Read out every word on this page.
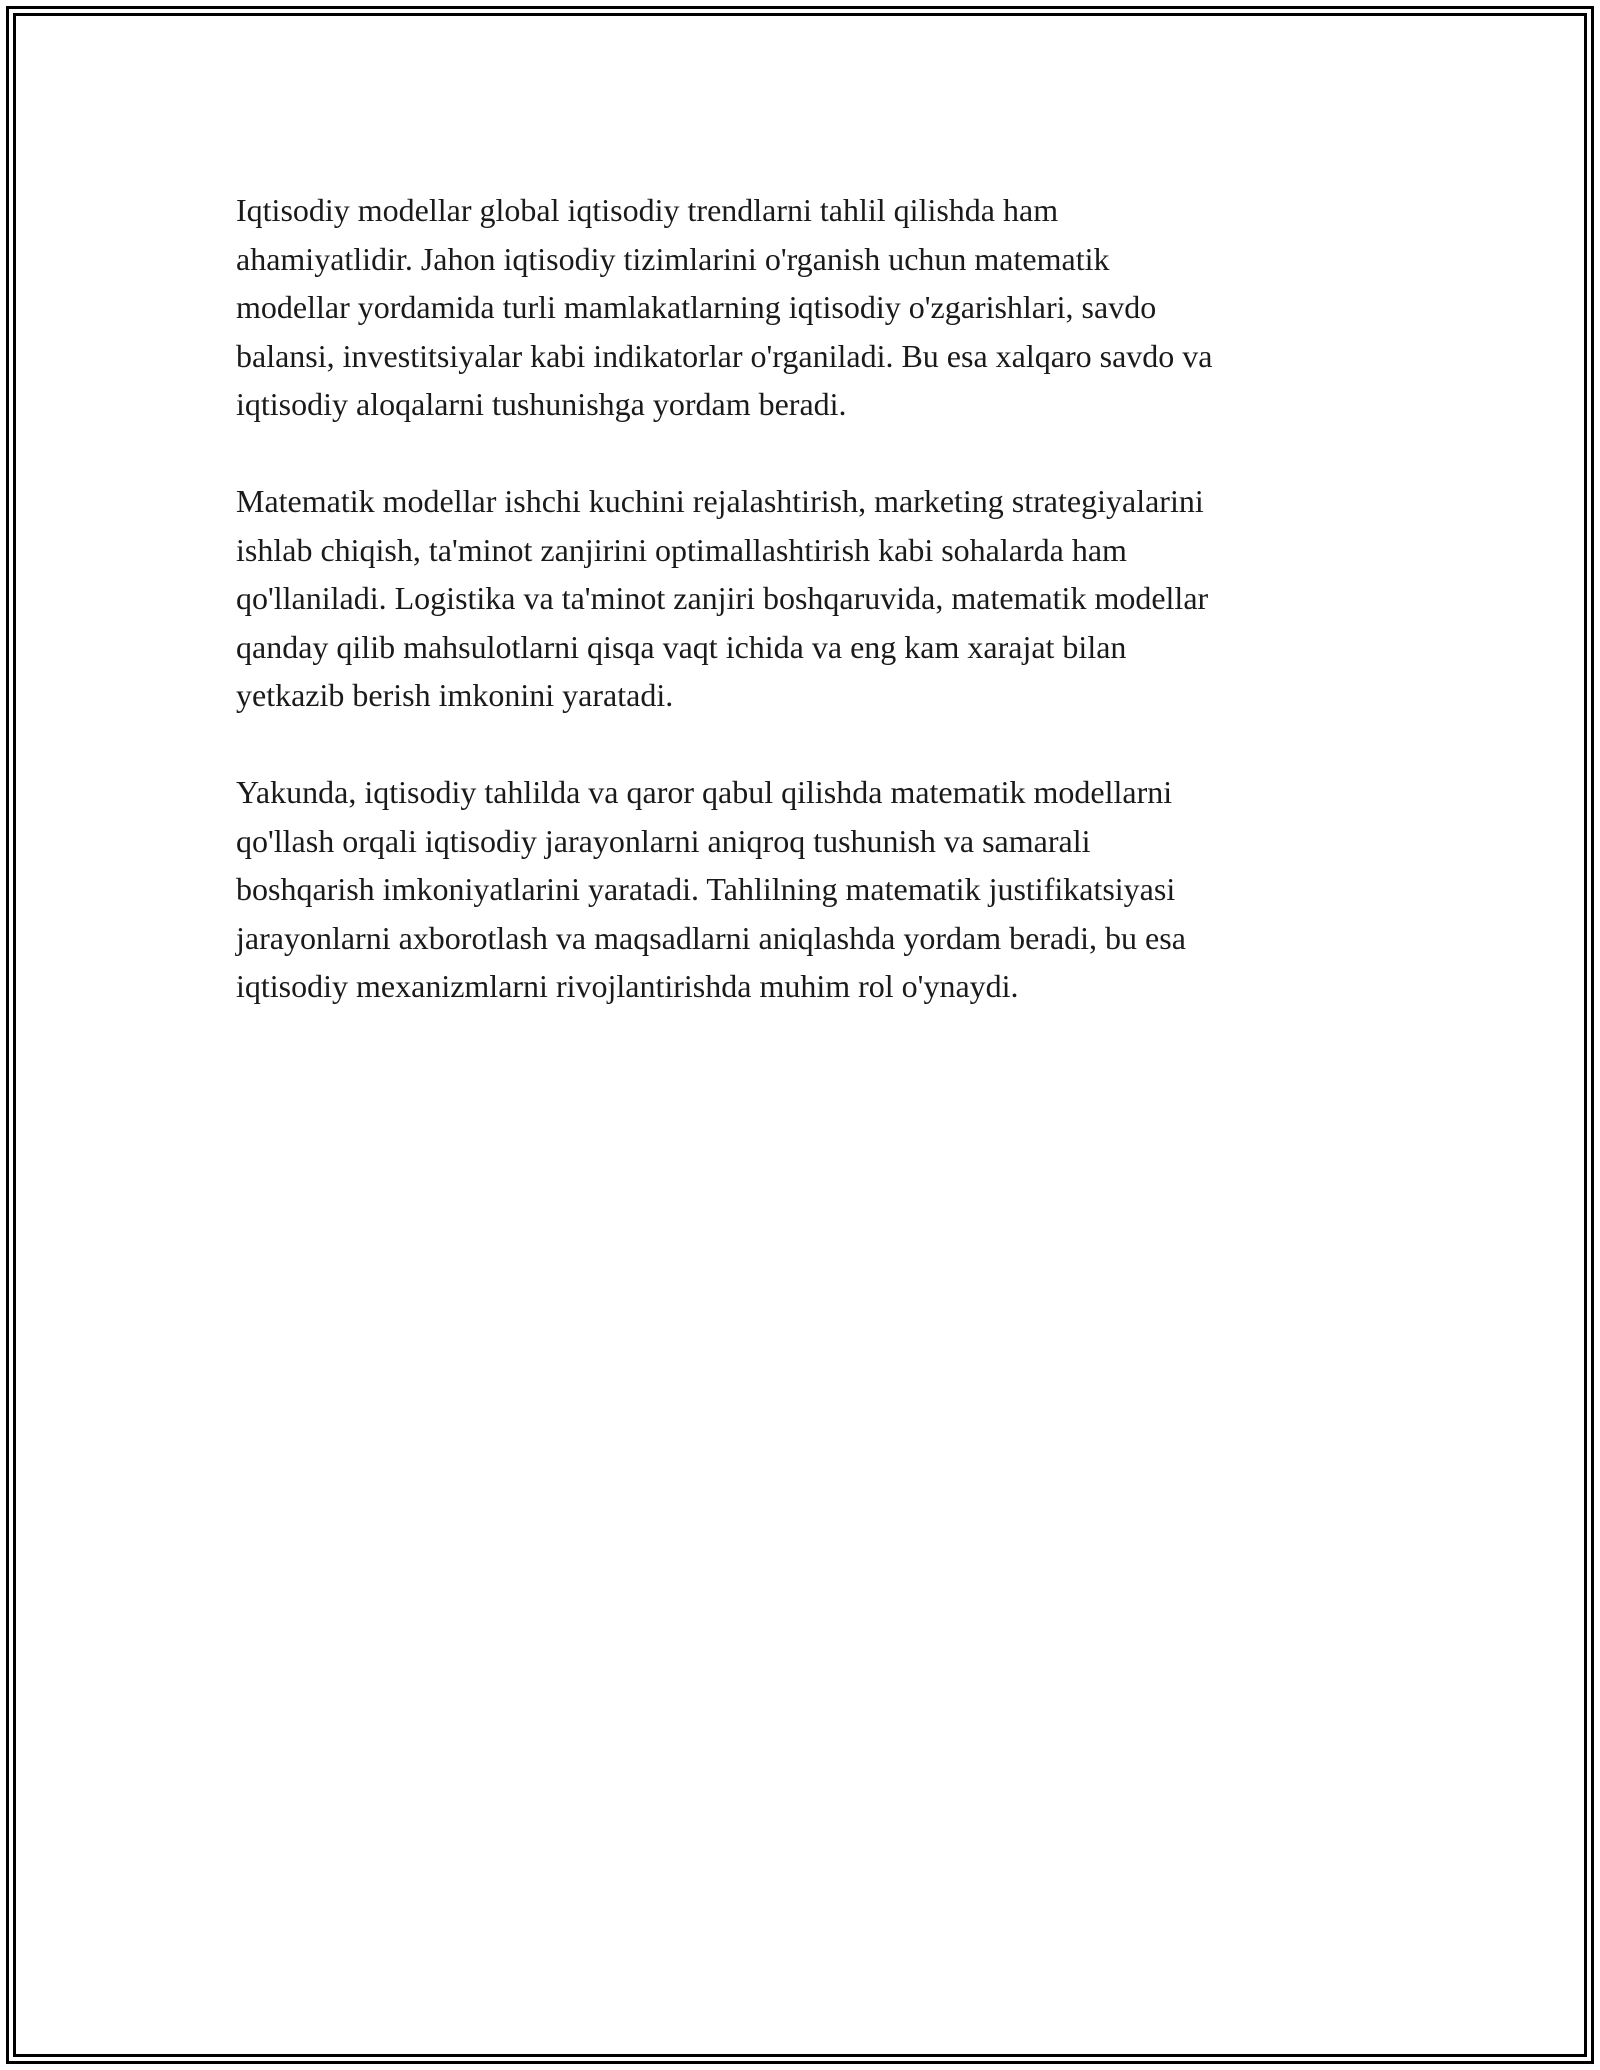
Iqtisodiy modellar global iqtisodiy trendlarni tahlil qilishda ham
ahamiyatlidir. Jahon iqtisodiy tizimlarini o'rganish uchun matematik
modellar yordamida turli mamlakatlarning iqtisodiy o'zgarishlari, savdo
balansi, investitsiyalar kabi indikatorlar o'rganiladi. Bu esa xalqaro savdo va
iqtisodiy aloqalarni tushunishga yordam beradi.

Matematik modellar ishchi kuchini rejalashtirish, marketing strategiyalarini
ishlab chiqish, ta'minot zanjirini optimallashtirish kabi sohalarda ham
qo'llaniladi. Logistika va ta'minot zanjiri boshqaruvida, matematik modellar
qanday qilib mahsulotlarni qisqa vaqt ichida va eng kam xarajat bilan
yetkazib berish imkonini yaratadi.

Yakunda, iqtisodiy tahlilda va qaror qabul qilishda matematik modellarni
qo'llash orqali iqtisodiy jarayonlarni aniqroq tushunish va samarali
boshqarish imkoniyatlarini yaratadi. Tahlilning matematik justifikatsiyasi
jarayonlarni axborotlash va maqsadlarni aniqlashda yordam beradi, bu esa
iqtisodiy mexanizmlarni rivojlantirishda muhim rol o'ynaydi.
